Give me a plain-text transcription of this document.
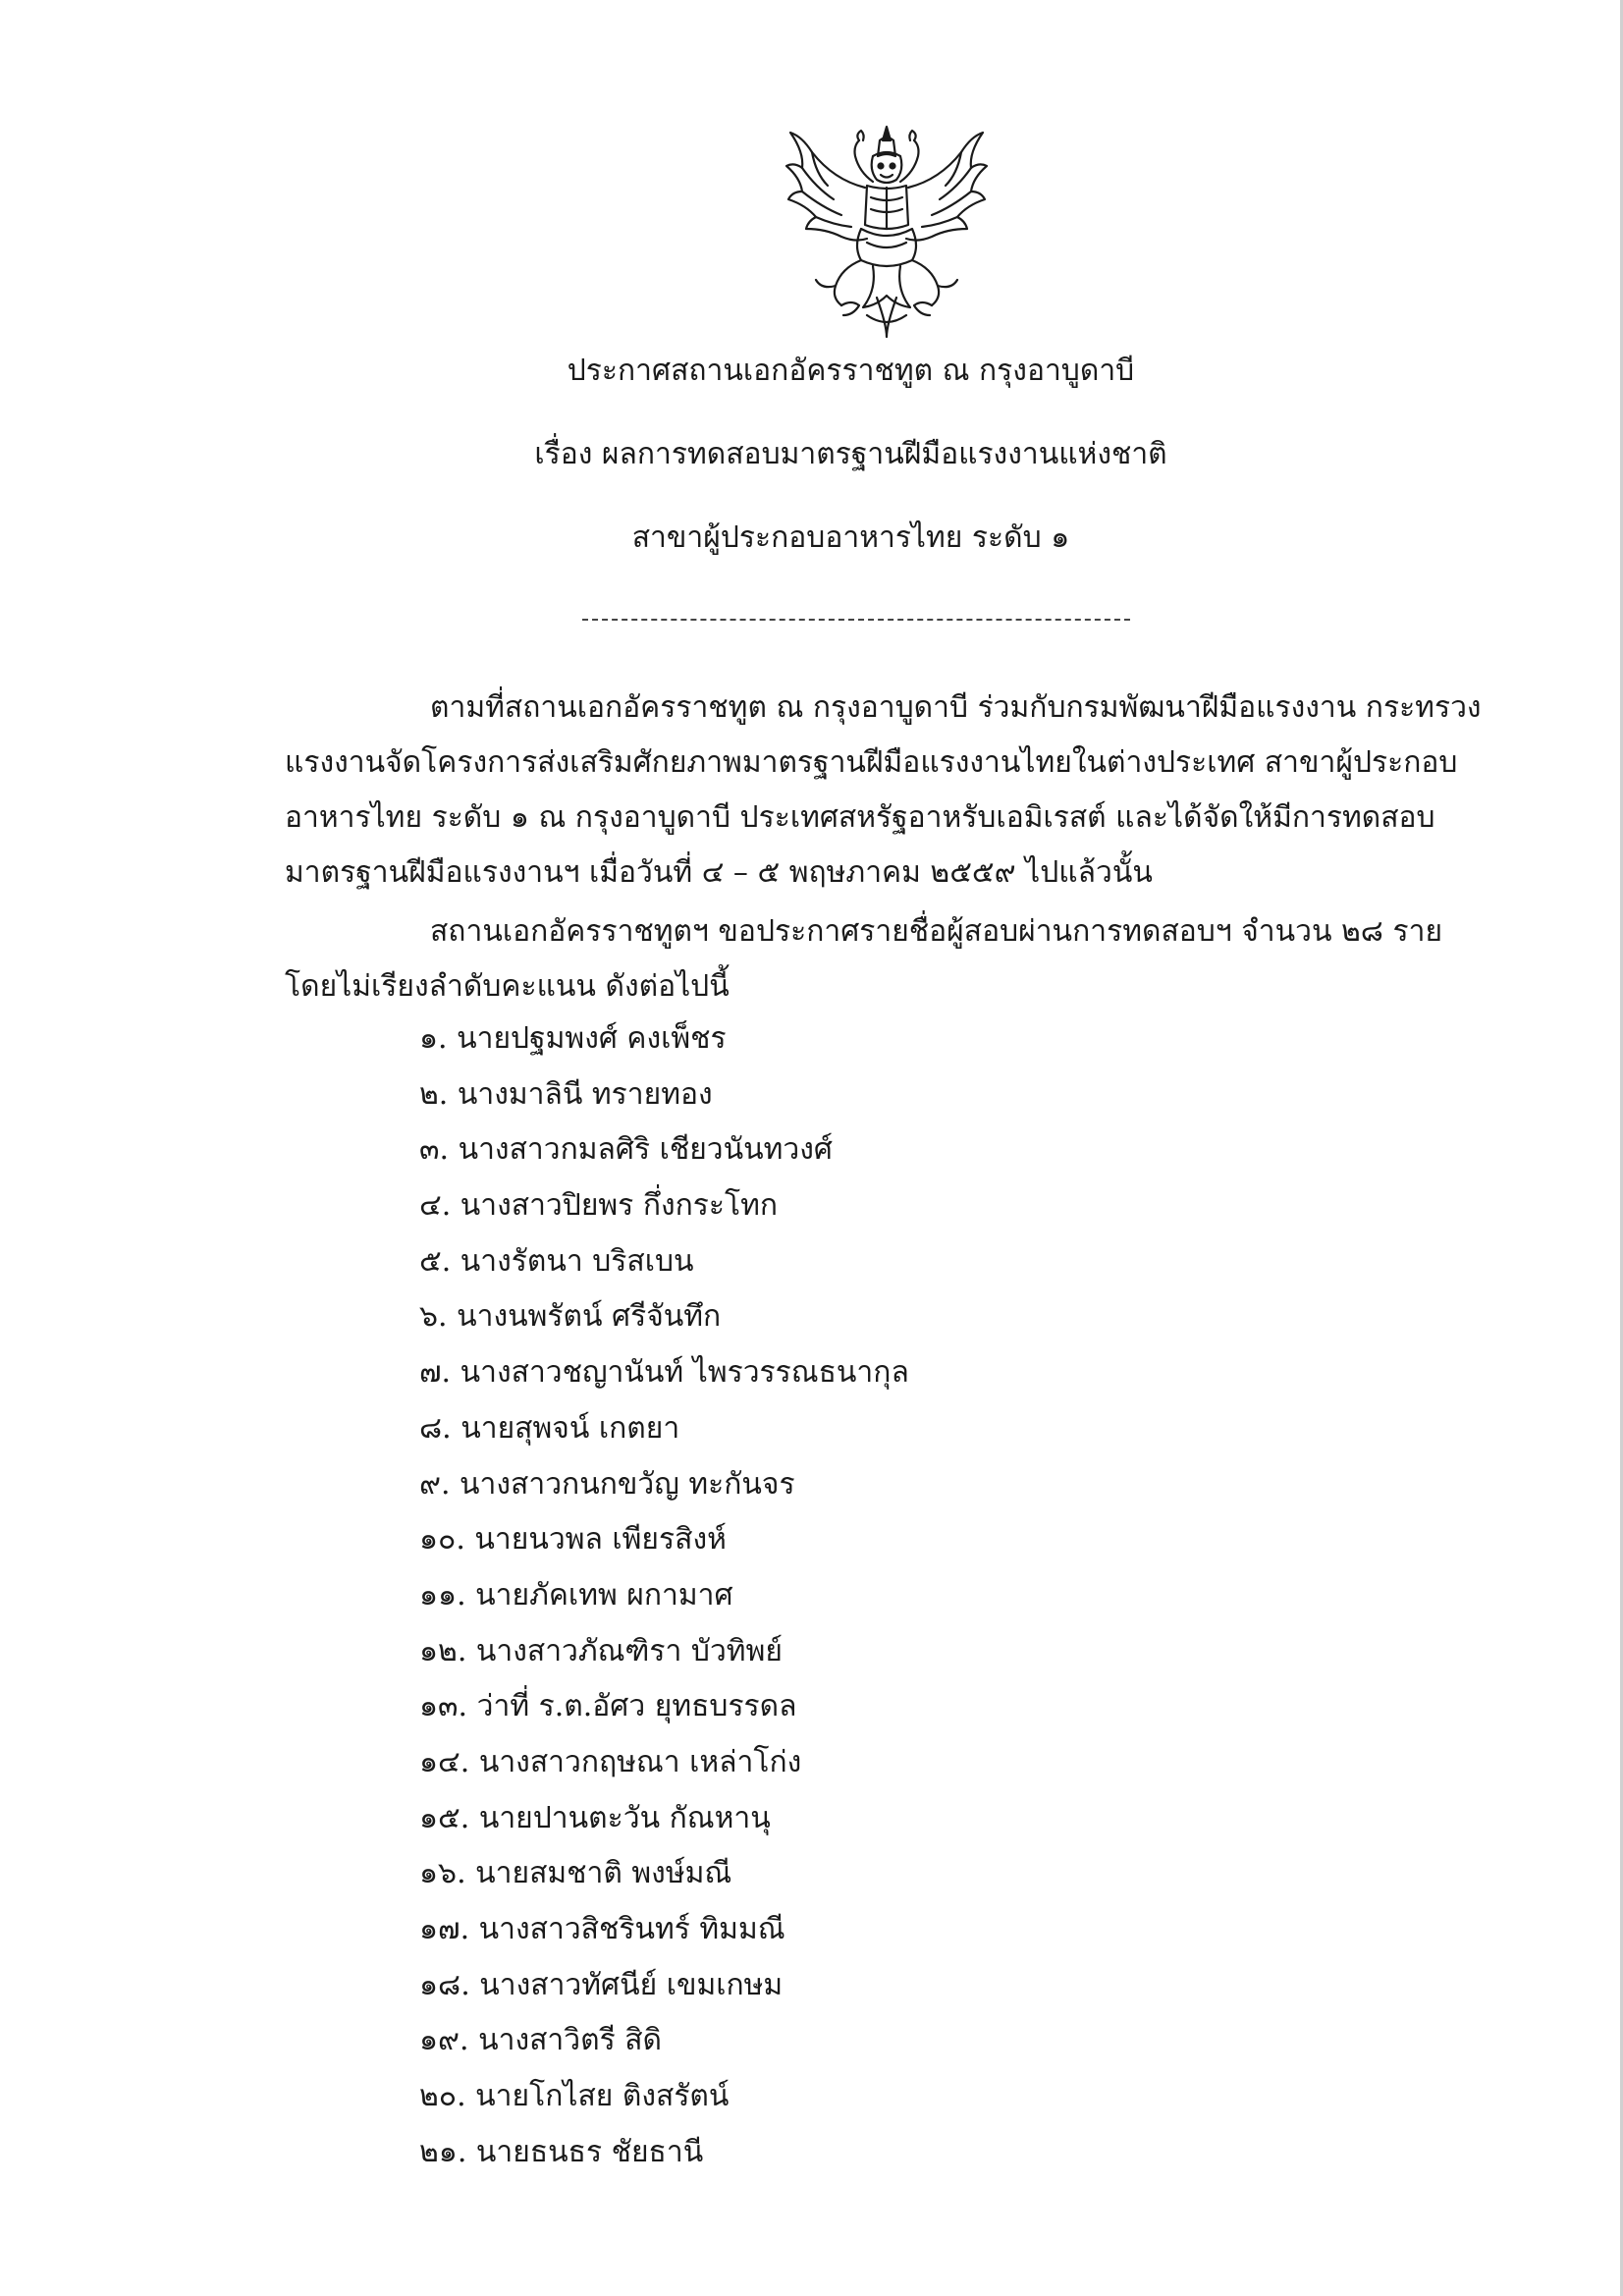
ประกาศสถานเอกอัครราชทูต ณ กรุงอาบูดาบี
เรื่อง ผลการทดสอบมาตรฐานฝีมือแรงงานแห่งชาติ
สาขาผู้ประกอบอาหารไทย ระดับ ๑
ตามที่สถานเอกอัครราชทูต ณ กรุงอาบูดาบี ร่วมกับกรมพัฒนาฝีมือแรงงาน กระทรวง
แรงงานจัดโครงการส่งเสริมศักยภาพมาตรฐานฝีมือแรงงานไทยในต่างประเทศ สาขาผู้ประกอบ
อาหารไทย ระดับ ๑ ณ กรุงอาบูดาบี ประเทศสหรัฐอาหรับเอมิเรสต์ และได้จัดให้มีการทดสอบ
มาตรฐานฝีมือแรงงานฯ เมื่อวันที่ ๔ – ๕ พฤษภาคม ๒๕๕๙ ไปแล้วนั้น
สถานเอกอัครราชทูตฯ ขอประกาศรายชื่อผู้สอบผ่านการทดสอบฯ จำนวน ๒๘ ราย
โดยไม่เรียงลำดับคะแนน ดังต่อไปนี้
๑. นายปฐมพงศ์ คงเพ็ชร
๒. นางมาลินี ทรายทอง
๓. นางสาวกมลศิริ เชียวนันทวงศ์
๔. นางสาวปิยพร กึ่งกระโทก
๕. นางรัตนา บริสเบน
๖. นางนพรัตน์ ศรีจันทึก
๗. นางสาวชญานันท์ ไพรวรรณธนากุล
๘. นายสุพจน์ เกตยา
๙. นางสาวกนกขวัญ ทะกันจร
๑๐. นายนวพล เพียรสิงห์
๑๑. นายภัคเทพ ผกามาศ
๑๒. นางสาวภัณฑิรา บัวทิพย์
๑๓. ว่าที่ ร.ต.อัศว ยุทธบรรดล
๑๔. นางสาวกฤษณา เหล่าโก่ง
๑๕. นายปานตะวัน กัณหานุ
๑๖. นายสมชาติ พงษ์มณี
๑๗. นางสาวสิชรินทร์ ทิมมณี
๑๘. นางสาวทัศนีย์ เขมเกษม
๑๙. นางสาวิตรี สิดิ
๒๐. นายโกไสย ติงสรัตน์
๒๑. นายธนธร ชัยธานี
